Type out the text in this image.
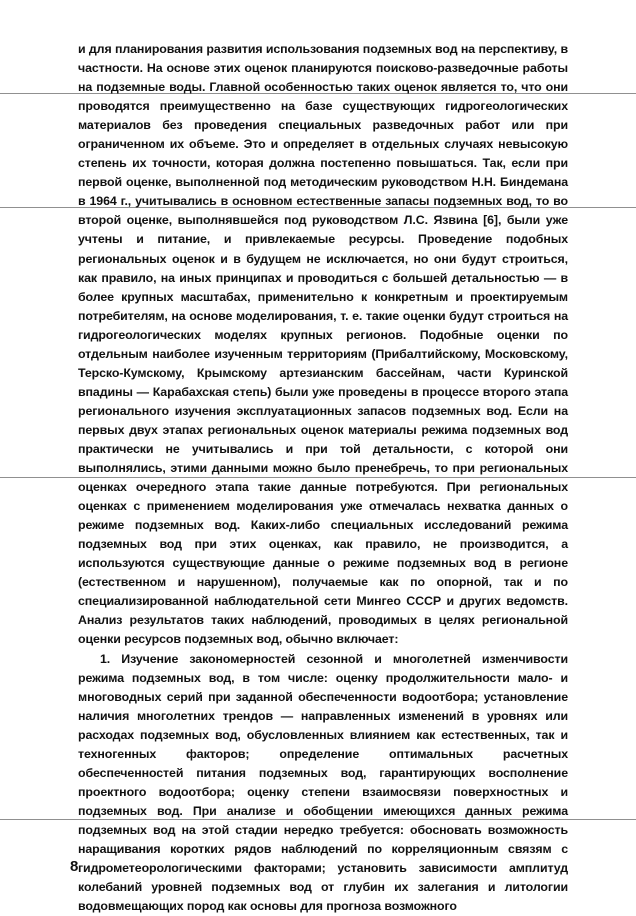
и для планирования развития использования подземных вод на перспективу, в частности. На основе этих оценок планируются поисково-разведочные работы на подземные воды. Главной особенностью таких оценок является то, что они проводятся преимущественно на базе существующих гидрогеологических материалов без проведения специальных разведочных работ или при ограниченном их объеме. Это и определяет в отдельных случаях невысокую степень их точности, которая должна постепенно повышаться. Так, если при первой оценке, выполненной под методическим руководством Н.Н. Биндемана в 1964 г., учитывались в основном естественные запасы подземных вод, то во второй оценке, выполнявшейся под руководством Л.С. Язвина [6], были уже учтены и питание, и привлекаемые ресурсы. Проведение подобных региональных оценок и в будущем не исключается, но они будут строиться, как правило, на иных принципах и проводиться с большей детальностью — в более крупных масштабах, применительно к конкретным и проектируемым потребителям, на основе моделирования, т. е. такие оценки будут строиться на гидрогеологических моделях крупных регионов. Подобные оценки по отдельным наиболее изученным территориям (Прибалтийскому, Московскому, Терско-Кумскому, Крымскому артезианским бассейнам, части Куринской впадины — Карабахская степь) были уже проведены в процессе второго этапа регионального изучения эксплуатационных запасов подземных вод. Если на первых двух этапах региональных оценок материалы режима подземных вод практически не учитывались и при той детальности, с которой они выполнялись, этими данными можно было пренебречь, то при региональных оценках очередного этапа такие данные потребуются. При региональных оценках с применением моделирования уже отмечалась нехватка данных о режиме подземных вод. Каких-либо специальных исследований режима подземных вод при этих оценках, как правило, не производится, а используются существующие данные о режиме подземных вод в регионе (естественном и нарушенном), получаемые как по опорной, так и по специализированной наблюдательной сети Мингео СССР и других ведомств. Анализ результатов таких наблюдений, проводимых в целях региональной оценки ресурсов подземных вод, обычно включает:

1. Изучение закономерностей сезонной и многолетней изменчивости режима подземных вод, в том числе: оценку продолжительности мало- и многоводных серий при заданной обеспеченности водоотбора; установление наличия многолетних трендов — направленных изменений в уровнях или расходах подземных вод, обусловленных влиянием как естественных, так и техногенных факторов; определение оптимальных расчетных обеспеченностей питания подземных вод, гарантирующих восполнение проектного водоотбора; оценку степени взаимосвязи поверхностных и подземных вод. При анализе и обобщении имеющихся данных режима подземных вод на этой стадии нередко требуется: обосновать возможность наращивания коротких рядов наблюдений по корреляционным связям с гидрометеорологическими факторами; установить зависимости амплитуд колебаний уровней подземных вод от глубин их залегания и литологии водовмещающих пород как основы для прогноза возможного

8
